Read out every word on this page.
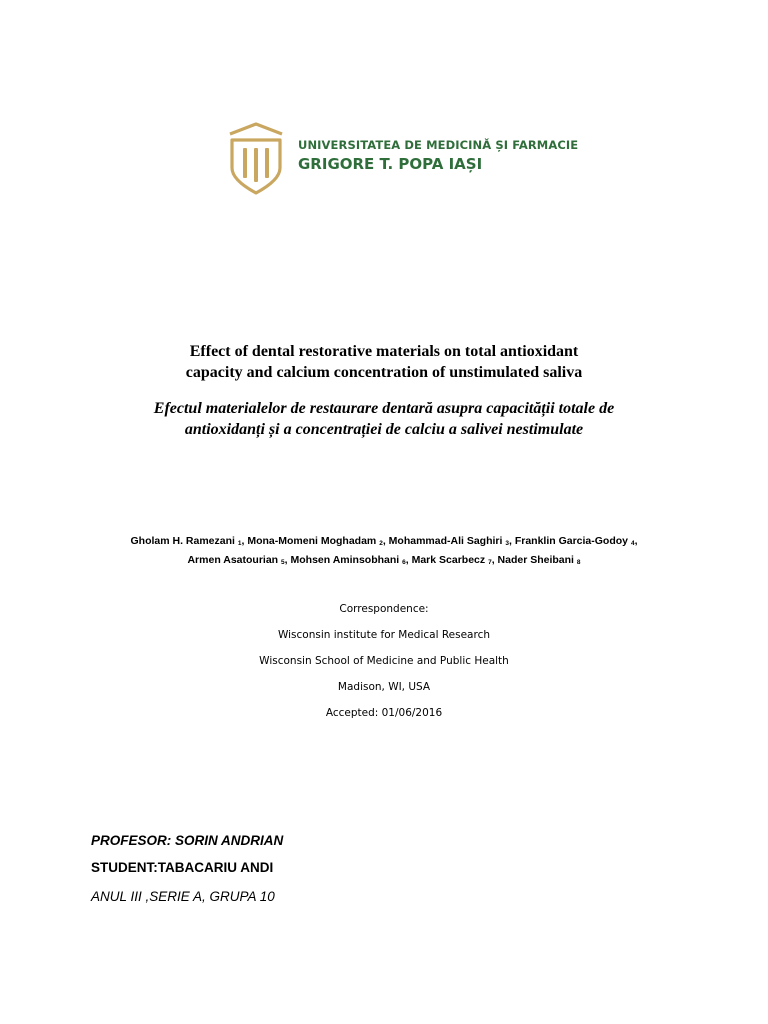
UNIVERSITATEA DE MEDICINĂ ȘI FARMACIE
GRIGORE T. POPA IAȘI
Effect of dental restorative materials on total antioxidant
capacity and calcium concentration of unstimulated saliva
Efectul materialelor de restaurare dentară asupra capacității totale de
antioxidanți și a concentrației de calciu a salivei nestimulate
Gholam H. Ramezani $_1$, Mona-Momeni Moghadam $_2$, Mohammad-Ali Saghiri $_3$, Franklin Garcia-Godoy $_4$,
Armen Asatourian $_5$, Mohsen Aminsobhani $_6$, Mark Scarbecz $_7$, Nader Sheibani $_8$
Correspondence:
Wisconsin institute for Medical Research
Wisconsin School of Medicine and Public Health
Madison, WI, USA
Accepted: 01/06/2016
PROFESOR: SORIN ANDRIAN
STUDENT:TABACARIU ANDI
ANUL III ,SERIE A, GRUPA 10
